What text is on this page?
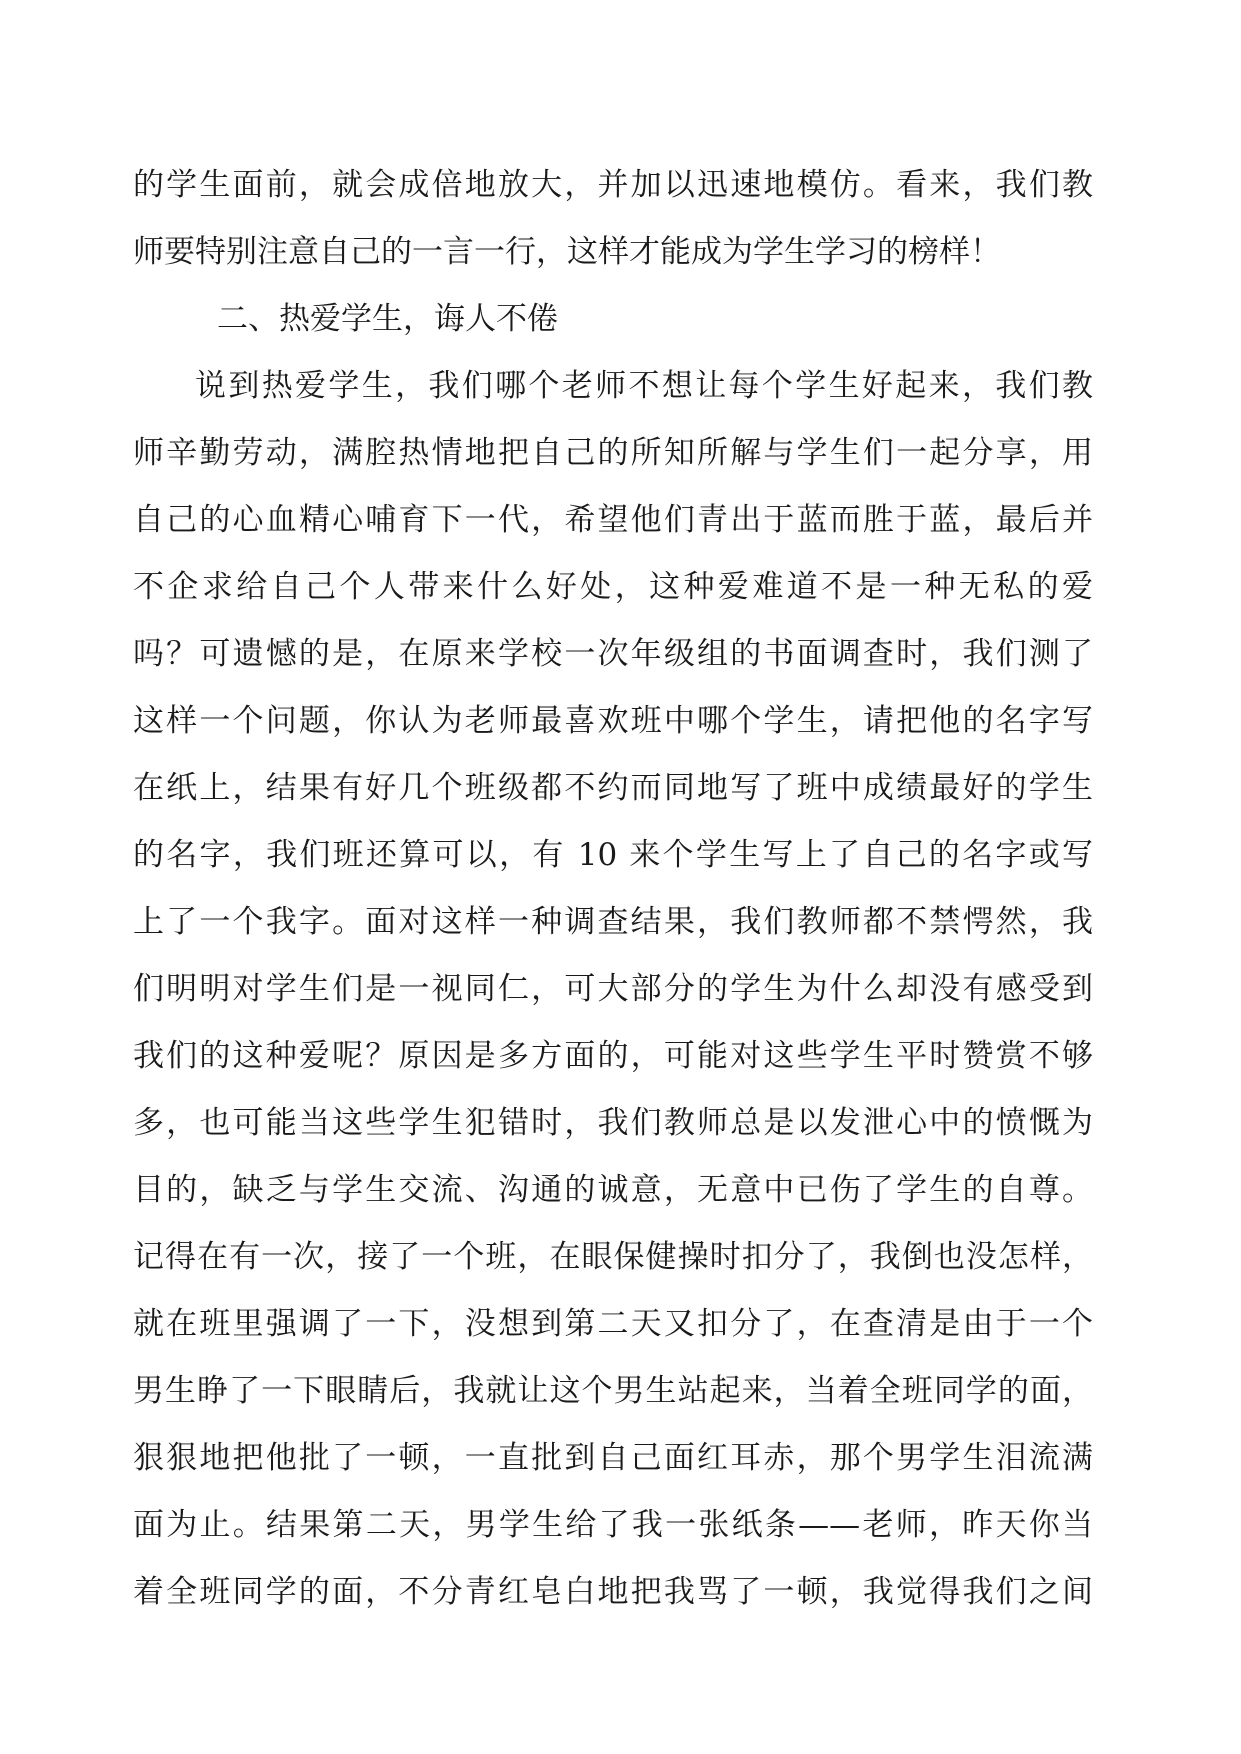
的学生面前，就会成倍地放大，并加以迅速地模仿。看来，我们教
师要特别注意自己的一言一行，这样才能成为学生学习的榜样！
二、热爱学生，诲人不倦
说到热爱学生，我们哪个老师不想让每个学生好起来，我们教
师辛勤劳动，满腔热情地把自己的所知所解与学生们一起分享，用
自己的心血精心哺育下一代，希望他们青出于蓝而胜于蓝，最后并
不企求给自己个人带来什么好处，这种爱难道不是一种无私的爱
吗？可遗憾的是，在原来学校一次年级组的书面调查时，我们测了
这样一个问题，你认为老师最喜欢班中哪个学生，请把他的名字写
在纸上，结果有好几个班级都不约而同地写了班中成绩最好的学生
的名字，我们班还算可以，有 10 来个学生写上了自己的名字或写
上了一个我字。面对这样一种调查结果，我们教师都不禁愕然，我
们明明对学生们是一视同仁，可大部分的学生为什么却没有感受到
我们的这种爱呢？原因是多方面的，可能对这些学生平时赞赏不够
多，也可能当这些学生犯错时，我们教师总是以发泄心中的愤慨为
目的，缺乏与学生交流、沟通的诚意，无意中已伤了学生的自尊。
记得在有一次，接了一个班，在眼保健操时扣分了，我倒也没怎样，
就在班里强调了一下，没想到第二天又扣分了，在查清是由于一个
男生睁了一下眼睛后，我就让这个男生站起来，当着全班同学的面，
狠狠地把他批了一顿，一直批到自己面红耳赤，那个男学生泪流满
面为止。结果第二天，男学生给了我一张纸条——老师，昨天你当
着全班同学的面，不分青红皂白地把我骂了一顿，我觉得我们之间
